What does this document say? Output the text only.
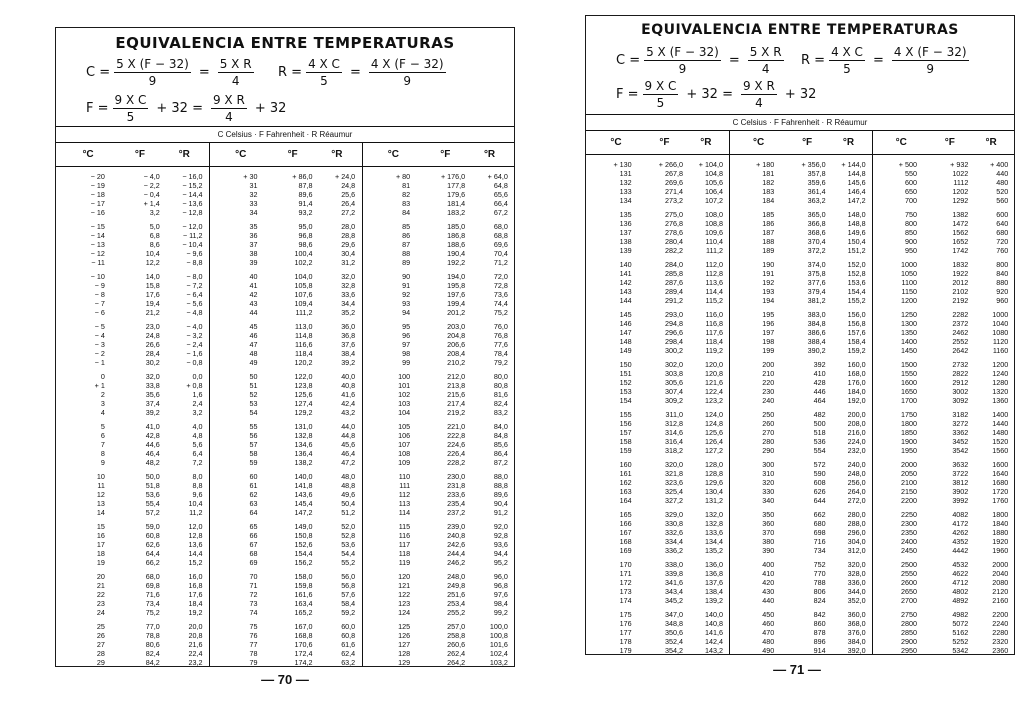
EQUIVALENCIA ENTRE TEMPERATURAS
$C = \frac{5 X (F - 32)}{9} = \frac{\text{5 X R}}{4}$ $R = \frac{\text{4 X C}}{5} = \frac{4 X (F - 32)}{9}$
$F = \frac{\text{9 X C}}{5} + 32 = \frac{\text{9 X R}}{4} + 32$
C Celsius · F Fahrenheit · R Réaumur
°C	°F	°R	°C	°F	°R	°C	°F	°R
− 20	− 4,0	− 16,0
− 19	− 2,2	− 15,2
− 18	− 0,4	− 14,4
− 17	+ 1,4	− 13,6
− 16	3,2	− 12,8
− 15	5,0	− 12,0
− 14	6,8	− 11,2
− 13	8,6	− 10,4
− 12	10,4	− 9,6
− 11	12,2	− 8,8
− 10	14,0	− 8,0
− 9	15,8	− 7,2
− 8	17,6	− 6,4
− 7	19,4	− 5,6
− 6	21,2	− 4,8
− 5	23,0	− 4,0
− 4	24,8	− 3,2
− 3	26,6	− 2,4
− 2	28,4	− 1,6
− 1	30,2	− 0,8
0	32,0	0,0
+ 1	33,8	+ 0,8
2	35,6	1,6
3	37,4	2,4
4	39,2	3,2
5	41,0	4,0
6	42,8	4,8
7	44,6	5,6
8	46,4	6,4
9	48,2	7,2
10	50,0	8,0
11	51,8	8,8
12	53,6	9,6
13	55,4	10,4
14	57,2	11,2
15	59,0	12,0
16	60,8	12,8
17	62,6	13,6
18	64,4	14,4
19	66,2	15,2
20	68,0	16,0
21	69,8	16,8
22	71,6	17,6
23	73,4	18,4
24	75,2	19,2
25	77,0	20,0
26	78,8	20,8
27	80,6	21,6
28	82,4	22,4
29	84,2	23,2
+ 30	+ 86,0	+ 24,0
31	87,8	24,8
32	89,6	25,6
33	91,4	26,4
34	93,2	27,2
35	95,0	28,0
36	96,8	28,8
37	98,6	29,6
38	100,4	30,4
39	102,2	31,2
40	104,0	32,0
41	105,8	32,8
42	107,6	33,6
43	109,4	34,4
44	111,2	35,2
45	113,0	36,0
46	114,8	36,8
47	116,6	37,6
48	118,4	38,4
49	120,2	39,2
50	122,0	40,0
51	123,8	40,8
52	125,6	41,6
53	127,4	42,4
54	129,2	43,2
55	131,0	44,0
56	132,8	44,8
57	134,6	45,6
58	136,4	46,4
59	138,2	47,2
60	140,0	48,0
61	141,8	48,8
62	143,6	49,6
63	145,4	50,4
64	147,2	51,2
65	149,0	52,0
66	150,8	52,8
67	152,6	53,6
68	154,4	54,4
69	156,2	55,2
70	158,0	56,0
71	159,8	56,8
72	161,6	57,6
73	163,4	58,4
74	165,2	59,2
75	167,0	60,0
76	168,8	60,8
77	170,6	61,6
78	172,4	62,4
79	174,2	63,2
+ 80	+ 176,0	+ 64,0
81	177,8	64,8
82	179,6	65,6
83	181,4	66,4
84	183,2	67,2
85	185,0	68,0
86	186,8	68,8
87	188,6	69,6
88	190,4	70,4
89	192,2	71,2
90	194,0	72,0
91	195,8	72,8
92	197,6	73,6
93	199,4	74,4
94	201,2	75,2
95	203,0	76,0
96	204,8	76,8
97	206,6	77,6
98	208,4	78,4
99	210,2	79,2
100	212,0	80,0
101	213,8	80,8
102	215,6	81,6
103	217,4	82,4
104	219,2	83,2
105	221,0	84,0
106	222,8	84,8
107	224,6	85,6
108	226,4	86,4
109	228,2	87,2
110	230,0	88,0
111	231,8	88,8
112	233,6	89,6
113	235,4	90,4
114	237,2	91,2
115	239,0	92,0
116	240,8	92,8
117	242,6	93,6
118	244,4	94,4
119	246,2	95,2
120	248,0	96,0
121	249,8	96,8
122	251,6	97,6
123	253,4	98,4
124	255,2	99,2
125	257,0	100,0
126	258,8	100,8
127	260,6	101,6
128	262,4	102,4
129	264,2	103,2
— 70 —
EQUIVALENCIA ENTRE TEMPERATURAS
$C = \frac{5 X (F - 32)}{9} = \frac{\text{5 X R}}{4}$ $R = \frac{\text{4 X C}}{5} = \frac{4 X (F - 32)}{9}$
$F = \frac{\text{9 X C}}{5} + 32 = \frac{\text{9 X R}}{4} + 32$
C Celsius · F Fahrenheit · R Réaumur
°C	°F	°R	°C	°F	°R	°C	°F	°R
+ 130	+ 266,0	+ 104,0
131	267,8	104,8
132	269,6	105,6
133	271,4	106,4
134	273,2	107,2
135	275,0	108,0
136	276,8	108,8
137	278,6	109,6
138	280,4	110,4
139	282,2	111,2
140	284,0	112,0
141	285,8	112,8
142	287,6	113,6
143	289,4	114,4
144	291,2	115,2
145	293,0	116,0
146	294,8	116,8
147	296,6	117,6
148	298,4	118,4
149	300,2	119,2
150	302,0	120,0
151	303,8	120,8
152	305,6	121,6
153	307,4	122,4
154	309,2	123,2
155	311,0	124,0
156	312,8	124,8
157	314,6	125,6
158	316,4	126,4
159	318,2	127,2
160	320,0	128,0
161	321,8	128,8
162	323,6	129,6
163	325,4	130,4
164	327,2	131,2
165	329,0	132,0
166	330,8	132,8
167	332,6	133,6
168	334,4	134,4
169	336,2	135,2
170	338,0	136,0
171	339,8	136,8
172	341,6	137,6
173	343,4	138,4
174	345,2	139,2
175	347,0	140,0
176	348,8	140,8
177	350,6	141,6
178	352,4	142,4
179	354,2	143,2
+ 180	+ 356,0	+ 144,0
181	357,8	144,8
182	359,6	145,6
183	361,4	146,4
184	363,2	147,2
185	365,0	148,0
186	366,8	148,8
187	368,6	149,6
188	370,4	150,4
189	372,2	151,2
190	374,0	152,0
191	375,8	152,8
192	377,6	153,6
193	379,4	154,4
194	381,2	155,2
195	383,0	156,0
196	384,8	156,8
197	386,6	157,6
198	388,4	158,4
199	390,2	159,2
200	392	160,0
210	410	168,0
220	428	176,0
230	446	184,0
240	464	192,0
250	482	200,0
260	500	208,0
270	518	216,0
280	536	224,0
290	554	232,0
300	572	240,0
310	590	248,0
320	608	256,0
330	626	264,0
340	644	272,0
350	662	280,0
360	680	288,0
370	698	296,0
380	716	304,0
390	734	312,0
400	752	320,0
410	770	328,0
420	788	336,0
430	806	344,0
440	824	352,0
450	842	360,0
460	860	368,0
470	878	376,0
480	896	384,0
490	914	392,0
+ 500	+ 932	+ 400
550	1022	440
600	1112	480
650	1202	520
700	1292	560
750	1382	600
800	1472	640
850	1562	680
900	1652	720
950	1742	760
1000	1832	800
1050	1922	840
1100	2012	880
1150	2102	920
1200	2192	960
1250	2282	1000
1300	2372	1040
1350	2462	1080
1400	2552	1120
1450	2642	1160
1500	2732	1200
1550	2822	1240
1600	2912	1280
1650	3002	1320
1700	3092	1360
1750	3182	1400
1800	3272	1440
1850	3362	1480
1900	3452	1520
1950	3542	1560
2000	3632	1600
2050	3722	1640
2100	3812	1680
2150	3902	1720
2200	3992	1760
2250	4082	1800
2300	4172	1840
2350	4262	1880
2400	4352	1920
2450	4442	1960
2500	4532	2000
2550	4622	2040
2600	4712	2080
2650	4802	2120
2700	4892	2160
2750	4982	2200
2800	5072	2240
2850	5162	2280
2900	5252	2320
2950	5342	2360
— 71 —
